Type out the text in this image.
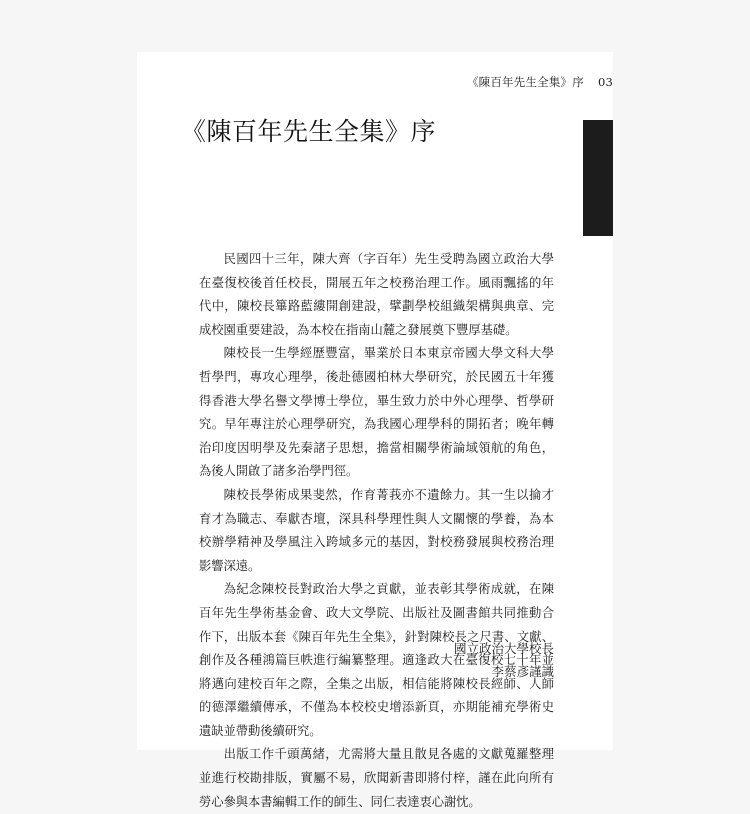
《陳百年先生全集》序 03
《陳百年先生全集》序

民國四十三年，陳大齊（字百年）先生受聘為國立政治大學在臺復校後首任校長，開展五年之校務治理工作。風雨飄搖的年代中，陳校長篳路藍縷開創建設，擘劃學校組織架構與典章、完成校園重要建設，為本校在指南山麓之發展奠下豐厚基礎。

陳校長一生學經歷豐富，畢業於日本東京帝國大學文科大學哲學門，專攻心理學，後赴德國柏林大學研究，於民國五十年獲得香港大學名譽文學博士學位，畢生致力於中外心理學、哲學研究。早年專注於心理學研究，為我國心理學科的開拓者；晚年轉治印度因明學及先秦諸子思想，擔當相關學術論域領航的角色，為後人開啟了諸多治學門徑。

陳校長學術成果斐然，作育菁莪亦不遺餘力。其一生以掄才育才為職志、奉獻杏壇，深具科學理性與人文關懷的學養，為本校辦學精神及學風注入跨域多元的基因，對校務發展與校務治理影響深遠。

為紀念陳校長對政治大學之貢獻，並表彰其學術成就，在陳百年先生學術基金會、政大文學院、出版社及圖書館共同推動合作下，出版本套《陳百年先生全集》，針對陳校長之尺書、文獻、創作及各種鴻篇巨帙進行編纂整理。適逢政大在臺復校七十年並將邁向建校百年之際，全集之出版，相信能將陳校長經師、人師的德澤繼續傳承，不僅為本校校史增添新頁，亦期能補充學術史遺缺並帶動後續研究。

出版工作千頭萬緒，尤需將大量且散見各處的文獻蒐羅整理並進行校勘排版，實屬不易，欣聞新書即將付梓，謹在此向所有勞心參與本書編輯工作的師生、同仁表達衷心謝忱。

國立政治大學校長
李蔡彥謹識
